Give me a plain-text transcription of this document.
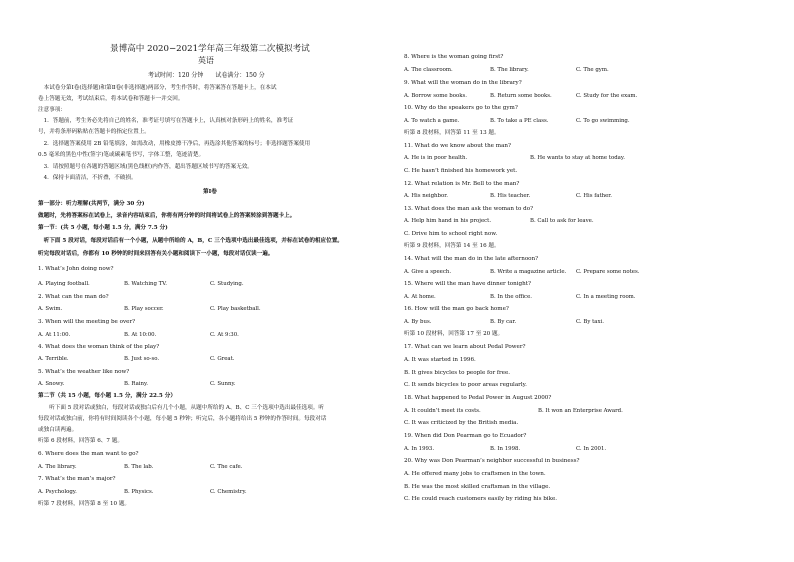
景博高中 2020−2021学年高三年级第二次模拟考试
英语
考试时间：120 分钟　　试卷满分：150 分
　本试卷分第Ⅰ卷(选择题)和第Ⅱ卷(非选择题)两部分，考生作答时，将答案答在答题卡上，在本试
卷上答题无效，考试结束后，将本试卷和答题卡一并交回。
注意事项：
　1．答题前，考生务必先将自己的姓名，准考证号填写在答题卡上，认真核对条形码上的姓名，准考证
号，并将条形码粘贴在答题卡的指定位置上。
　2．选择题答案使用 2B 铅笔填涂，如需改动，用橡皮擦干净后，再选涂其他答案的标号；非选择题答案使用
0.5 毫米的黑色中性(签字)笔或碳素笔书写，字体工整，笔迹清楚。
　3．请按照题号在各题的答题区域(黑色线框)内作答，超出答题区域书写的答案无效。
　4．保持卡面清洁，不折叠，不破损。
第Ⅰ卷
第一部分：听力理解(共两节，满分 30 分)
做题时，先将答案标在试卷上，录音内容结束后，你将有两分钟的时间将试卷上的答案转涂到答题卡上。
第一节：(共 5 小题，每小题 1.5 分，满分 7.5 分)
　听下面 5 段对话，每段对话后有一个小题，从题中所给的 A，B，C 三个选项中选出最佳选项，并标在试卷的相应位置。
听完每段对话后，你都有 10 秒钟的时间来回答有关小题和阅读下一小题，每段对话仅读一遍。
1. What’s John doing now?
A. Playing football.	B. Watching TV.	C. Studying.
2. What can the man do?
A. Swim.	B. Play soccer.	C. Play basketball.
3. When will the meeting be over?
A. At 11:00.	B. At 10:00.	C. At 9:30.
4. What does the woman think of the play?
A. Terrible.	B. Just so-so.	C. Great.
5. What’s the weather like now?
A. Snowy.	B. Rainy.	C. Sunny.
第二节（共 15 小题，每小题 1.5 分，满分 22.5 分）
　　听下面 5 段对话或独白，每段对话或独白后有几个小题，从题中所给的 A、B、C 三个选项中选出最佳选项。听
每段对话或独白前，你将有时间阅读各个小题，每小题 5 秒钟；听完后，各小题将给出 5 秒钟的作答时间。每段对话
或独白读两遍。
听第 6 段材料，回答第 6、7 题。
6. Where does the man want to go?
A. The library.	B. The lab.	C. The cafe.
7. What’s the man’s major?
A. Psychology.	B. Physics.	C. Chemistry.
听第 7 段材料，回答第 8 至 10 题。
8. Where is the woman going first?
A. The classroom.	B. The library.	C. The gym.
9. What will the woman do in the library?
A. Borrow some books.	B. Return some books.	C. Study for the exam.
10. Why do the speakers go to the gym?
A. To watch a game.	B. To take a PE class.	C. To go swimming.
听第 8 段材料，回答第 11 至 13 题。
11. What do we know about the man?
A. He is in poor health.	B. He wants to stay at home today.
C. He hasn’t finished his homework yet.
12. What relation is Mr. Bell to the man?
A. His neighbor.	B. His teacher.	C. His father.
13. What does the man ask the woman to do?
A. Help him hand in his project.	B. Call to ask for leave.
C. Drive him to school right now.
听第 9 段材料，回答第 14 至 16 题。
14. What will the man do in the late afternoon?
A. Give a speech.	B. Write a magazine article. C. Prepare some notes.
15. Where will the man have dinner tonight?
A. At home.	B. In the office.	C. In a meeting room.
16. How will the man go back home?
A. By bus.	B. By car.	C. By taxi.
听第 10 段材料，回答第 17 至 20 题。
17. What can we learn about Pedal Power?
A. It was started in 1996.
B. It gives bicycles to people for free.
C. It sends bicycles to poor areas regularly.
18. What happened to Pedal Power in August 2000?
A. It couldn’t meet its costs.	B. It won an Enterprise Award.
C. It was criticized by the British media.
19. When did Don Pearman go to Ecuador?
A. In 1993.	B. In 1998.	C. In 2001.
20. Why was Don Pearman’s neighbor successful in business?
A. He offered many jobs to craftsmen in the town.
B. He was the most skilled craftsman in the village.
C. He could reach customers easily by riding his bike.
